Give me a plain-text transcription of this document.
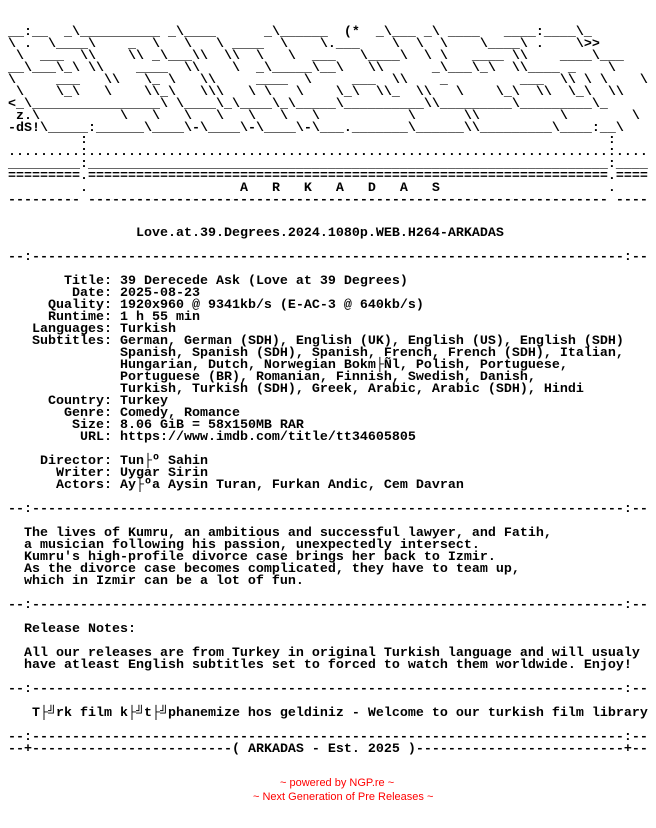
__:__  _\__________ _\____      _\______  (*  _\___ _\ ____   ____:____\_
\ .  \____\    _  \   \   \ ____  \    \.___    \  \  \    \____\ .    \>>
\  ___  \\    \\ _\___\\  \\  \   \  ___   \____\  \ \   ____ \\    ____\___
__\___\_\ \\    ____  \\    \  _\_____\__\   \\      _\___\_\  \\____ _    \
\     ___   \\   \_ \   \\     ____  \     ___  \\    _         ___  \\ \ \    \
\    \_\   \    \\_\   \\\   \ \   \    \_\  \\_  \\   \    \_\  \\  \_\  \\
<_\________________\ \____\_\____\_\_____\__________\\_________\_________\_
z.\          \   \   \   \   \   \   \           \      \\          \        \
-dS!\_____:______\____\-\____\-\____\-\___._______\______\\_________\____:__\
:                                                                 :
.........:.................................................................:....
_________:_________________________________________________________________:____
=========.=================================================================.====
.                   A   R   K   A   D   A   S                     .
--------- ----------------------------------------------------------------- ----
Love.at.39.Degrees.2024.1080p.WEB.H264-ARKADAS
--:--------------------------------------------------------------------------:--
Title: 39 Derecede Ask (Love at 39 Degrees)
Date: 2025-08-23
Quality: 1920x960 @ 9341kb/s (E-AC-3 @ 640kb/s)
Runtime: 1 h 55 min
Languages: Turkish
Subtitles: German, German (SDH), English (UK), English (US), English (SDH)
Spanish, Spanish (SDH), Spanish, French, French (SDH), Italian,
Hungarian, Dutch, Norwegian Bokm├Ñl, Polish, Portuguese,
Portuguese (BR), Romanian, Finnish, Swedish, Danish,
Turkish, Turkish (SDH), Greek, Arabic, Arabic (SDH), Hindi
Country: Turkey
Genre: Comedy, Romance
Size: 8.06 GiB = 58x150MB RAR
URL: https://www.imdb.com/title/tt34605805
Director: Tun├º Sahin
Writer: Uygar Sirin
Actors: Ay├ºa Aysin Turan, Furkan Andic, Cem Davran
--:--------------------------------------------------------------------------:--
The lives of Kumru, an ambitious and successful lawyer, and Fatih,
a musician following his passion, unexpectedly intersect.
Kumru's high-profile divorce case brings her back to Izmir.
As the divorce case becomes complicated, they have to team up,
which in Izmir can be a lot of fun.
--:--------------------------------------------------------------------------:--
Release Notes:
All our releases are from Turkey in original Turkish language and will usualy
have atleast English subtitles set to forced to watch them worldwide. Enjoy!
--:--------------------------------------------------------------------------:--
T├╝rk film k├╝t├╝phanemize hos geldiniz - Welcome to our turkish film library
--:--------------------------------------------------------------------------:--
--+-------------------------( ARKADAS - Est. 2025 )--------------------------+--
~ powered by NGP.re ~
~ Next Generation of Pre Releases ~
